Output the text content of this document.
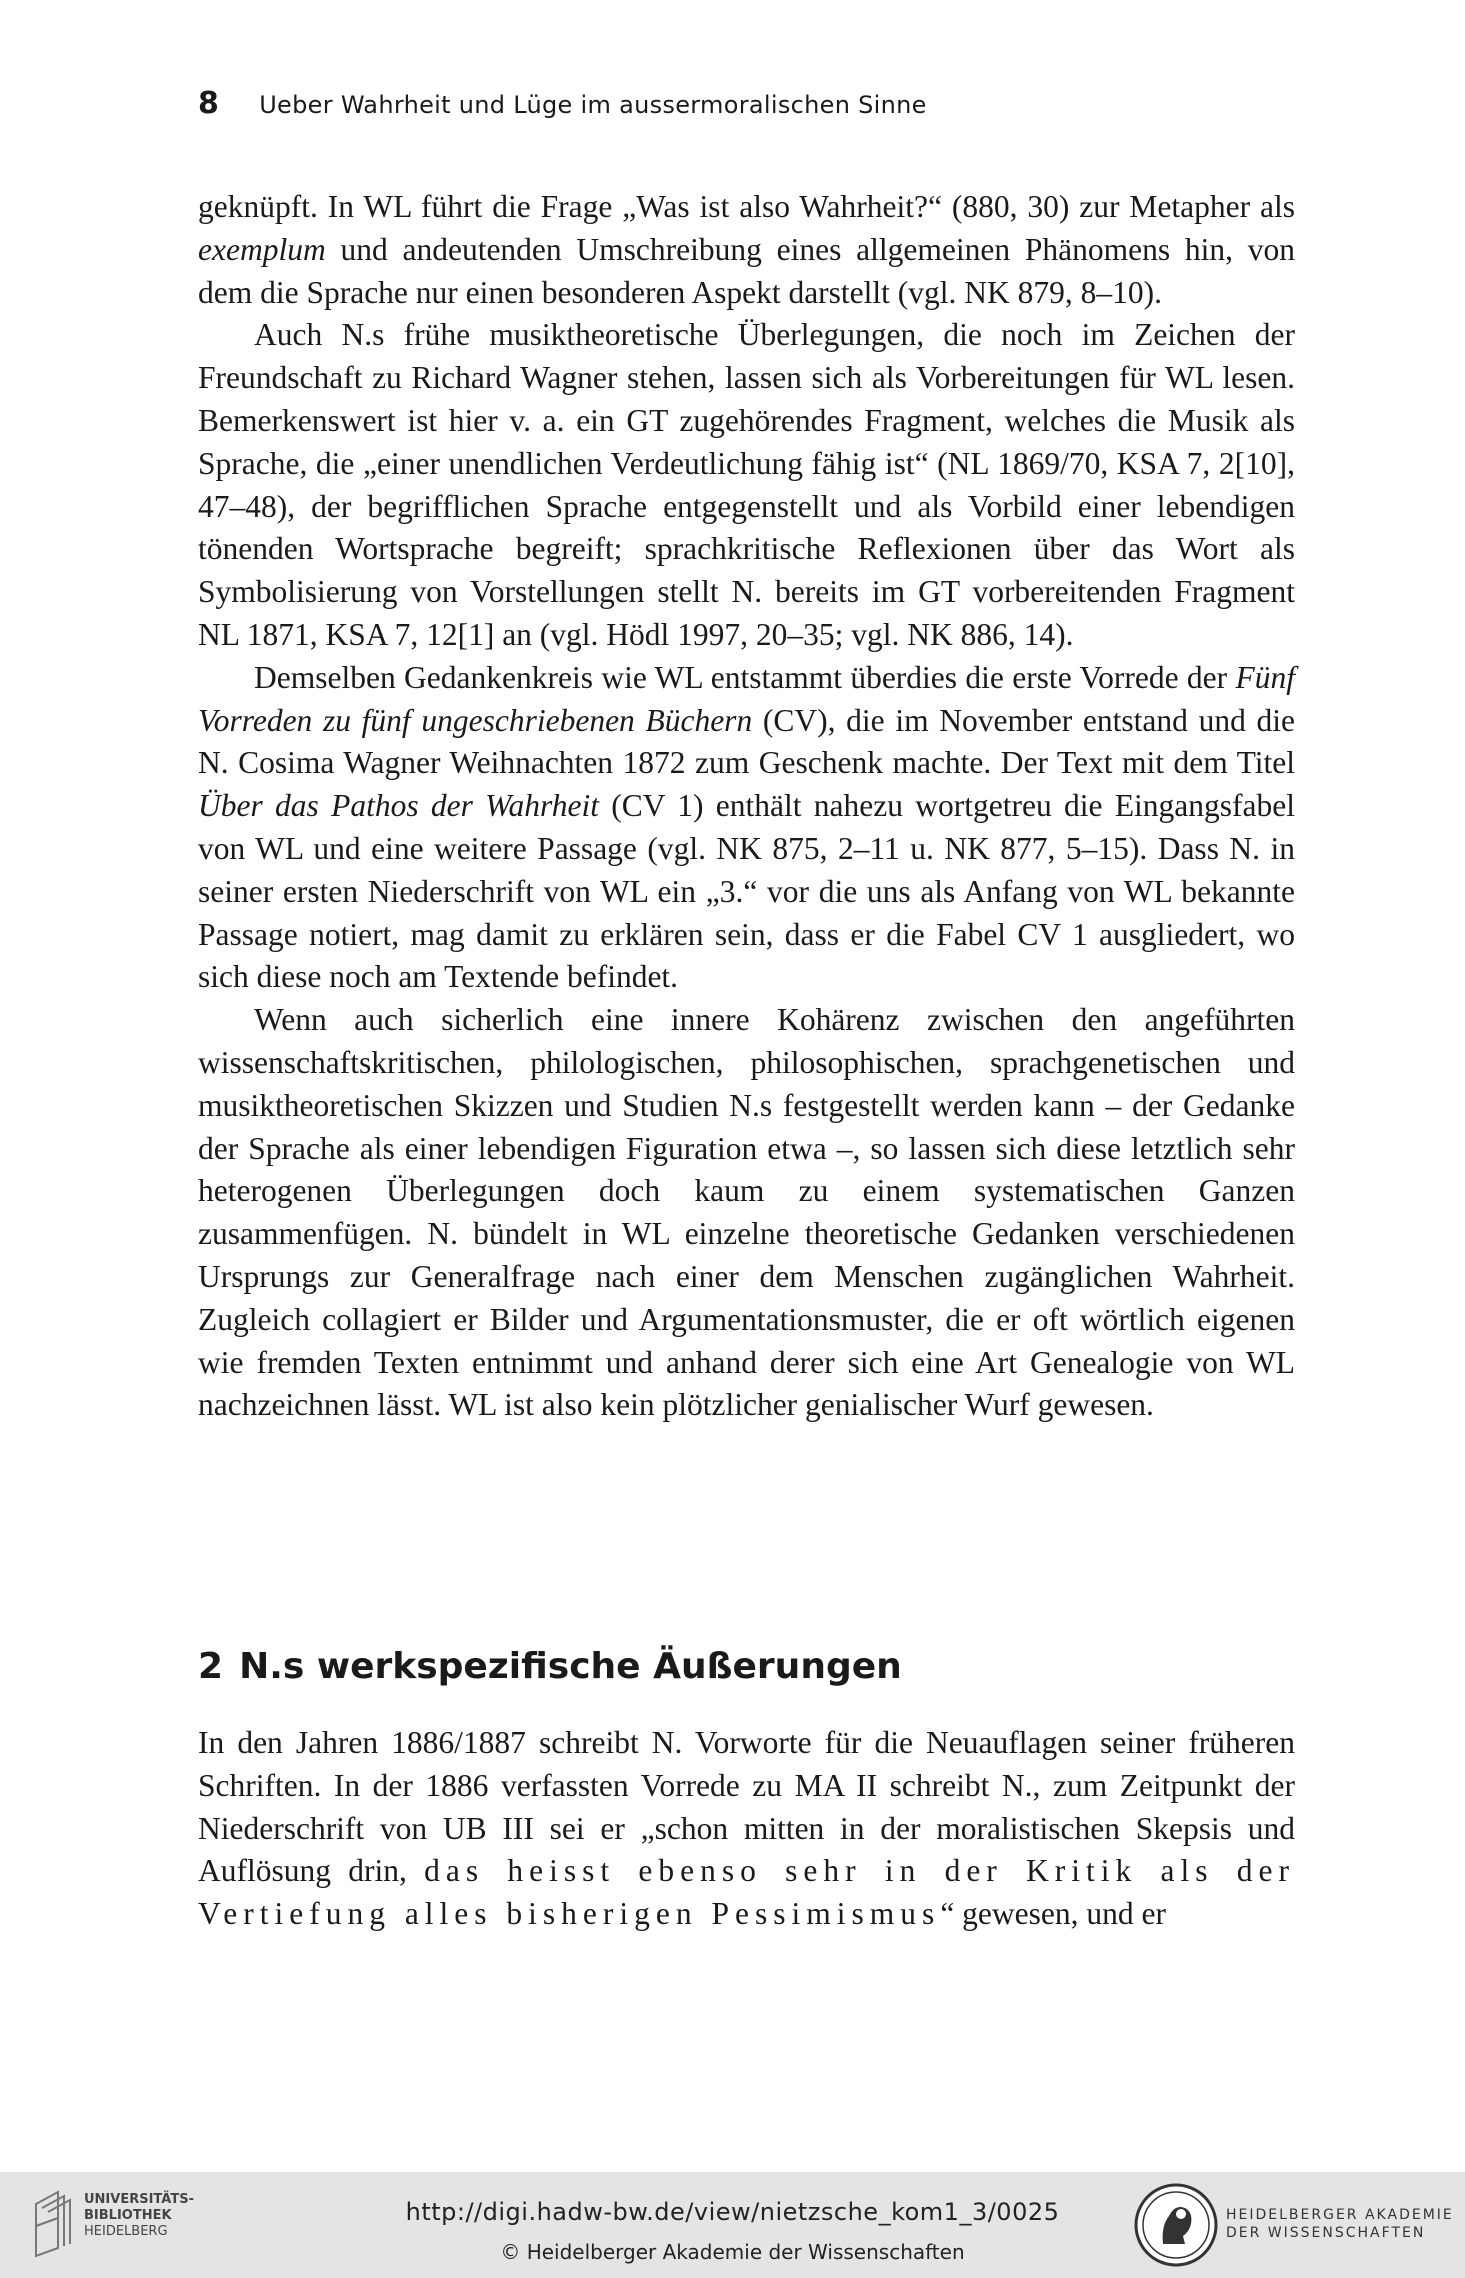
8 Ueber Wahrheit und Lüge im aussermoralischen Sinne

geknüpft. In WL führt die Frage „Was ist also Wahrheit?“ (880, 30) zur Metapher als exemplum und andeutenden Umschreibung eines allgemeinen Phänomens hin, von dem die Sprache nur einen besonderen Aspekt darstellt (vgl. NK 879, 8–10).

Auch N.s frühe musiktheoretische Überlegungen, die noch im Zeichen der Freundschaft zu Richard Wagner stehen, lassen sich als Vorbereitungen für WL lesen. Bemerkenswert ist hier v. a. ein GT zugehörendes Fragment, welches die Musik als Sprache, die „einer unendlichen Verdeutlichung fähig ist“ (NL 1869/70, KSA 7, 2[10], 47–48), der begrifflichen Sprache entgegenstellt und als Vorbild einer lebendigen tönenden Wortsprache begreift; sprachkritische Reflexionen über das Wort als Symbolisierung von Vorstellungen stellt N. bereits im GT vorbereitenden Fragment NL 1871, KSA 7, 12[1] an (vgl. Hödl 1997, 20–35; vgl. NK 886, 14).

Demselben Gedankenkreis wie WL entstammt überdies die erste Vorrede der Fünf Vorreden zu fünf ungeschriebenen Büchern (CV), die im November entstand und die N. Cosima Wagner Weihnachten 1872 zum Geschenk machte. Der Text mit dem Titel Über das Pathos der Wahrheit (CV 1) enthält nahezu wortgetreu die Eingangsfabel von WL und eine weitere Passage (vgl. NK 875, 2–11 u. NK 877, 5–15). Dass N. in seiner ersten Niederschrift von WL ein „3.“ vor die uns als Anfang von WL bekannte Passage notiert, mag damit zu erklären sein, dass er die Fabel CV 1 ausgliedert, wo sich diese noch am Textende befindet.

Wenn auch sicherlich eine innere Kohärenz zwischen den angeführten wissenschaftskritischen, philologischen, philosophischen, sprachgenetischen und musiktheoretischen Skizzen und Studien N.s festgestellt werden kann – der Gedanke der Sprache als einer lebendigen Figuration etwa –, so lassen sich diese letztlich sehr heterogenen Überlegungen doch kaum zu einem systematischen Ganzen zusammenfügen. N. bündelt in WL einzelne theoretische Gedanken verschiedenen Ursprungs zur Generalfrage nach einer dem Menschen zugänglichen Wahrheit. Zugleich collagiert er Bilder und Argumentationsmuster, die er oft wörtlich eigenen wie fremden Texten entnimmt und anhand derer sich eine Art Genealogie von WL nachzeichnen lässt. WL ist also kein plötzlicher genialischer Wurf gewesen.

2 N.s werkspezifische Äußerungen

In den Jahren 1886/1887 schreibt N. Vorworte für die Neuauflagen seiner früheren Schriften. In der 1886 verfassten Vorrede zu MA II schreibt N., zum Zeitpunkt der Niederschrift von UB III sei er „schon mitten in der moralistischen Skepsis und Auflösung drin, das heisst ebenso sehr in der Kritik als der Vertiefung alles bisherigen Pessimismus“ gewesen, und er

UNIVERSITÄTS-
BIBLIOTHEK
HEIDELBERG
http://digi.hadw-bw.de/view/nietzsche_kom1_3/0025
© Heidelberger Akademie der Wissenschaften
HEIDELBERGER AKADEMIE
DER WISSENSCHAFTEN
